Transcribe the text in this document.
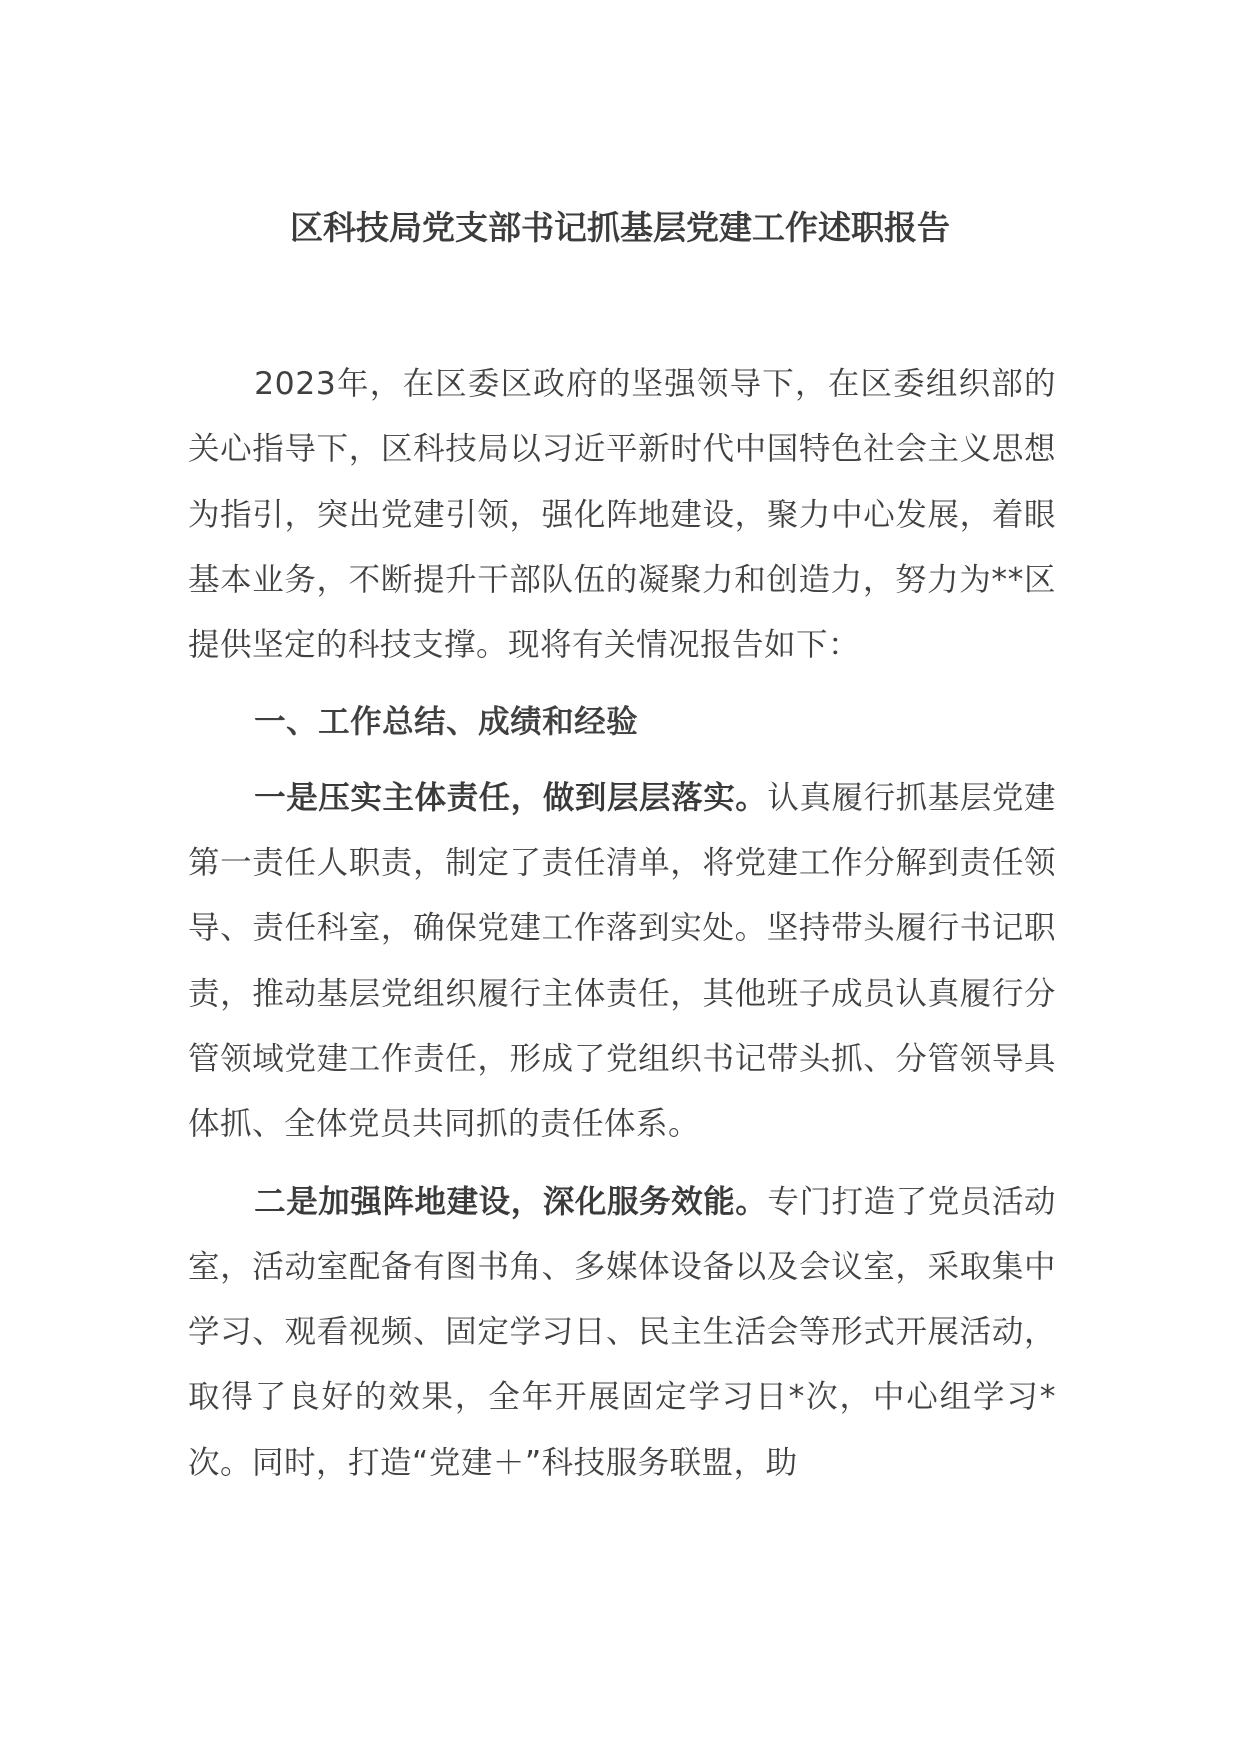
区科技局党支部书记抓基层党建工作述职报告

2023年，在区委区政府的坚强领导下，在区委组织部的关心指导下，区科技局以习近平新时代中国特色社会主义思想为指引，突出党建引领，强化阵地建设，聚力中心发展，着眼基本业务，不断提升干部队伍的凝聚力和创造力，努力为**区提供坚定的科技支撑。现将有关情况报告如下：

一、工作总结、成绩和经验

一是压实主体责任，做到层层落实。认真履行抓基层党建第一责任人职责，制定了责任清单，将党建工作分解到责任领导、责任科室，确保党建工作落到实处。坚持带头履行书记职责，推动基层党组织履行主体责任，其他班子成员认真履行分管领域党建工作责任，形成了党组织书记带头抓、分管领导具体抓、全体党员共同抓的责任体系。

二是加强阵地建设，深化服务效能。专门打造了党员活动室，活动室配备有图书角、多媒体设备以及会议室，采取集中学习、观看视频、固定学习日、民主生活会等形式开展活动，取得了良好的效果，全年开展固定学习日*次，中心组学习*次。同时，打造“党建＋”科技服务联盟，助
